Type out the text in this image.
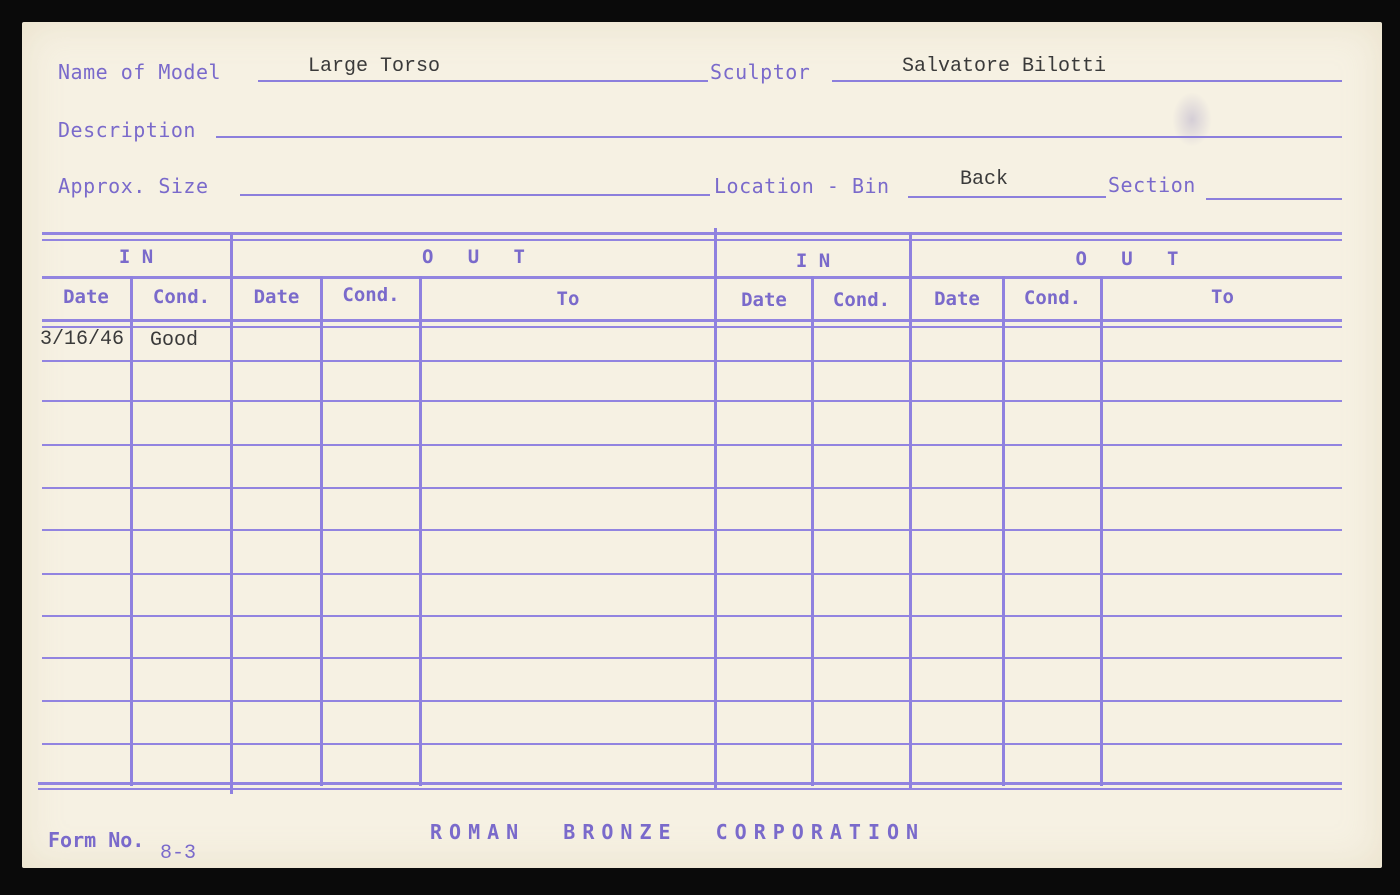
Name of Model	Large Torso	Sculptor	Salvatore Bilotti
Description
Approx. Size	Location - Bin	Back	Section
I N	O   U   T	I N	O   U   T
Date	Cond.	Date	Cond.	To	Date	Cond.	Date	Cond.	To
3/16/46 Good
Form No.
8-3
ROMAN  BRONZE  CORPORATION
